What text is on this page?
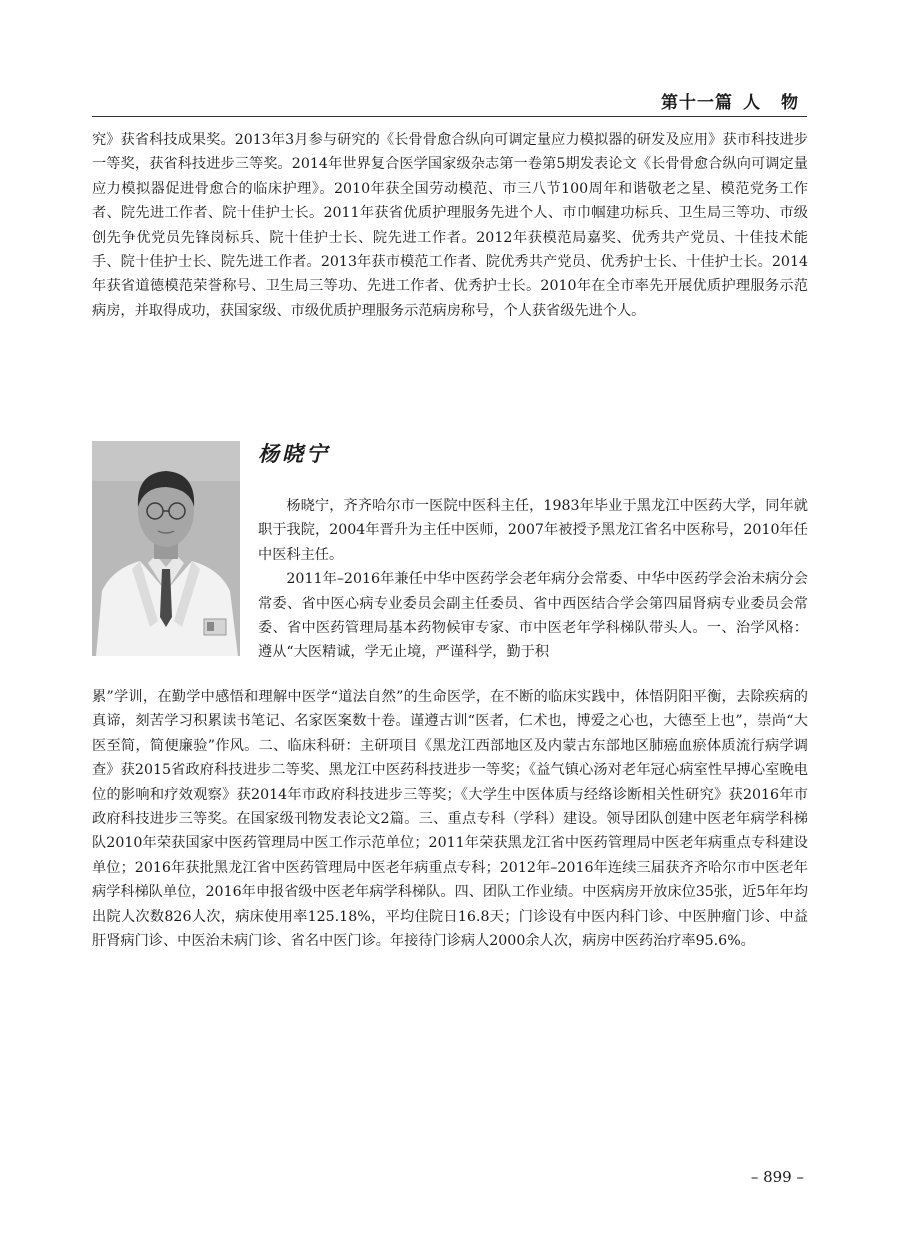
第十一篇 人 物

究》获省科技成果奖。2013年3月参与研究的《长骨骨愈合纵向可调定量应力模拟器的研发及应用》获市科技进步一等奖，获省科技进步三等奖。2014年世界复合医学国家级杂志第一卷第5期发表论文《长骨骨愈合纵向可调定量应力模拟器促进骨愈合的临床护理》。2010年获全国劳动模范、市三八节100周年和谐敬老之星、模范党务工作者、院先进工作者、院十佳护士长。2011年获省优质护理服务先进个人、市巾帼建功标兵、卫生局三等功、市级创先争优党员先锋岗标兵、院十佳护士长、院先进工作者。2012年获模范局嘉奖、优秀共产党员、十佳技术能手、院十佳护士长、院先进工作者。2013年获市模范工作者、院优秀共产党员、优秀护士长、十佳护士长。2014年获省道德模范荣誉称号、卫生局三等功、先进工作者、优秀护士长。2010年在全市率先开展优质护理服务示范病房，并取得成功，获国家级、市级优质护理服务示范病房称号，个人获省级先进个人。

杨晓宁
杨晓宁，齐齐哈尔市一医院中医科主任，1983年毕业于黑龙江中医药大学，同年就职于我院，2004年晋升为主任中医师，2007年被授予黑龙江省名中医称号，2010年任中医科主任。
2011年–2016年兼任中华中医药学会老年病分会常委、中华中医药学会治未病分会常委、省中医心病专业委员会副主任委员、省中西医结合学会第四届肾病专业委员会常委、省中医药管理局基本药物候审专家、市中医老年学科梯队带头人。一、治学风格：遵从“大医精诚，学无止境，严谨科学，勤于积

累”学训，在勤学中感悟和理解中医学“道法自然”的生命医学，在不断的临床实践中，体悟阴阳平衡，去除疾病的真谛，刻苦学习积累读书笔记、名家医案数十卷。谨遵古训“医者，仁术也，博爱之心也，大德至上也”，崇尚“大医至简，简便廉验”作风。二、临床科研：主研项目《黑龙江西部地区及内蒙古东部地区肺癌血瘀体质流行病学调查》获2015省政府科技进步二等奖、黑龙江中医药科技进步一等奖；《益气镇心汤对老年冠心病室性早搏心室晚电位的影响和疗效观察》获2014年市政府科技进步三等奖；《大学生中医体质与经络诊断相关性研究》获2016年市政府科技进步三等奖。在国家级刊物发表论文2篇。三、重点专科（学科）建设。领导团队创建中医老年病学科梯队2010年荣获国家中医药管理局中医工作示范单位；2011年荣获黑龙江省中医药管理局中医老年病重点专科建设单位；2016年获批黑龙江省中医药管理局中医老年病重点专科；2012年–2016年连续三届获齐齐哈尔市中医老年病学科梯队单位，2016年申报省级中医老年病学科梯队。四、团队工作业绩。中医病房开放床位35张，近5年年均出院人次数826人次，病床使用率125.18%，平均住院日16.8天；门诊设有中医内科门诊、中医肿瘤门诊、中益肝肾病门诊、中医治未病门诊、省名中医门诊。年接待门诊病人2000余人次，病房中医药治疗率95.6%。

– 899 –
